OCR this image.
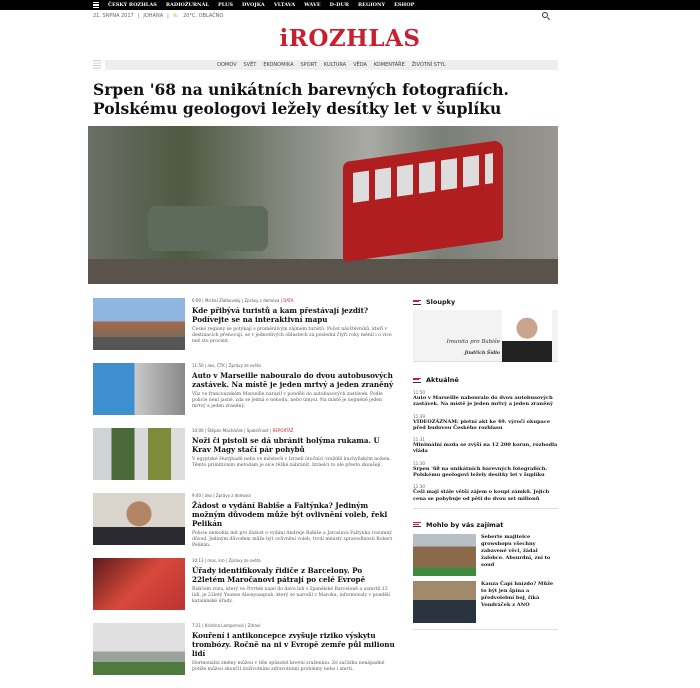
ČESKÝ ROZHLAS RADIOŽURNÁL PLUS DVOJKA VLTAVA WAVE D-DUR REGIONY ESHOP
21. SRPNA 2017 | JOHANA | ⛅ 20°C, OBLAČNO
iROZHLAS
DOMOV SVĚT EKONOMIKA SPORT KULTURA VĚDA KOMENTÁŘE ŽIVOTNÍ STYL
Srpen '68 na unikátních barevných fotografiích. Polskému geologovi ležely desítky let v šuplíku
6:00 | Michal Zlatkovský | Zprávy z domova | DATA
Kde přibývá turistů a kam přestávají jezdit? Podívejte se na interaktivní mapu
České regiony se potýkají s proměnlivým zájmem turistů. Počet návštěvníků, kteří v destinacích přenocují, se v jednotlivých oblastech za poslední čtyři roky měnil i o více než sto procent.
11:50 | aes, ČTK | Zprávy ze světa
Auto v Marseille nabouralo do dvou autobusových zastávek. Na místě je jeden mrtvý a jeden zraněný
Vůz ve francouzském Marseille narazil v pondělí do autobusových zastávek. Podle policie není jasné, zda se jedná o nehodu, nebo úmysl. Na místě je nejméně jeden mrtvý a jeden zraněný.
10:00 | Štěpán Macháček | Společnost | REPORTÁŽ
Noži či pistoli se dá ubránit holýma rukama. U Krav Magy stačí pár pohybů
V egyptské Hurghadě nebo ve městech v Izraeli útočníci vraždili kuchyňským nožem. Těmto primitivním metodám je sice těžké zabránit. Izraelci to ale přesto zkoušejí.
9:40 | ako | Zprávy z domova
Žádost o vydání Babiše a Faltýnka? Jediným možným důvodem může být ovlivnění voleb, řekl Pelikán
Policie nemohla mít pro žádost o vydání Andreje Babiše a Jaroslava Faltýnka rozumný důvod. Jediným důvodem může být ovlivnění voleb, tvrdí ministr spravedlnosti Robert Pelikán.
10:13 | mos, kro | Zprávy ze světa
Úřady identifikovaly řidiče z Barcelony. Po 22letém Maročanovi pátrají po celé Evropě
Řidičem vozu, který ve čtvrtek najel do davu lidí v španělské Barceloně a usmrtil 13 lidí, je 22letý Younes Abouyaaqoub, který se narodil v Maroku, informovaly v pondělí katalánské úřady.
7:21 | Kristina Lamperová | Zdraví
Kouření i antikoncepce zvyšuje riziko výskytu trombózy. Ročně na ni v Evropě zemře půl milionu lidí
Hormonální změny můžou v těle způsobit krevní sraženinu. Ze začátku nenápadné potíže můžou skončit doživotními zdravotními problémy nebo i smrtí.
Sloupky
Imunita pro Babiše
Jindřich Šídlo
Aktuálně
11:50
Auto v Marseille nabouralo do dvou autobusových zastávek. Na místě je jeden mrtvý a jeden zraněný
11:39
VIDEOZÁZNAM: pietní akt ke 49. výročí okupace před budovou Českého rozhlasu
11:31
Minimální mzda se zvýší na 12 200 korun, rozhodla vláda
11:30
Srpen '68 na unikátních barevných fotografiích. Polskému geologovi ležely desítky let v šuplíku
11:30
Češi mají stále větší zájem o koupi zámků. Jejich cena se pohybuje od pěti do dvou set milionů
Mohlo by vás zajímat
Seberte majitelce growshopu všechny zabavené věci, žádal žalobce. Absurdní, zní to soud
Kauza Čapí hnízdo? Může to být jen špína a předvolební boj, říká Vondráček z ANO
